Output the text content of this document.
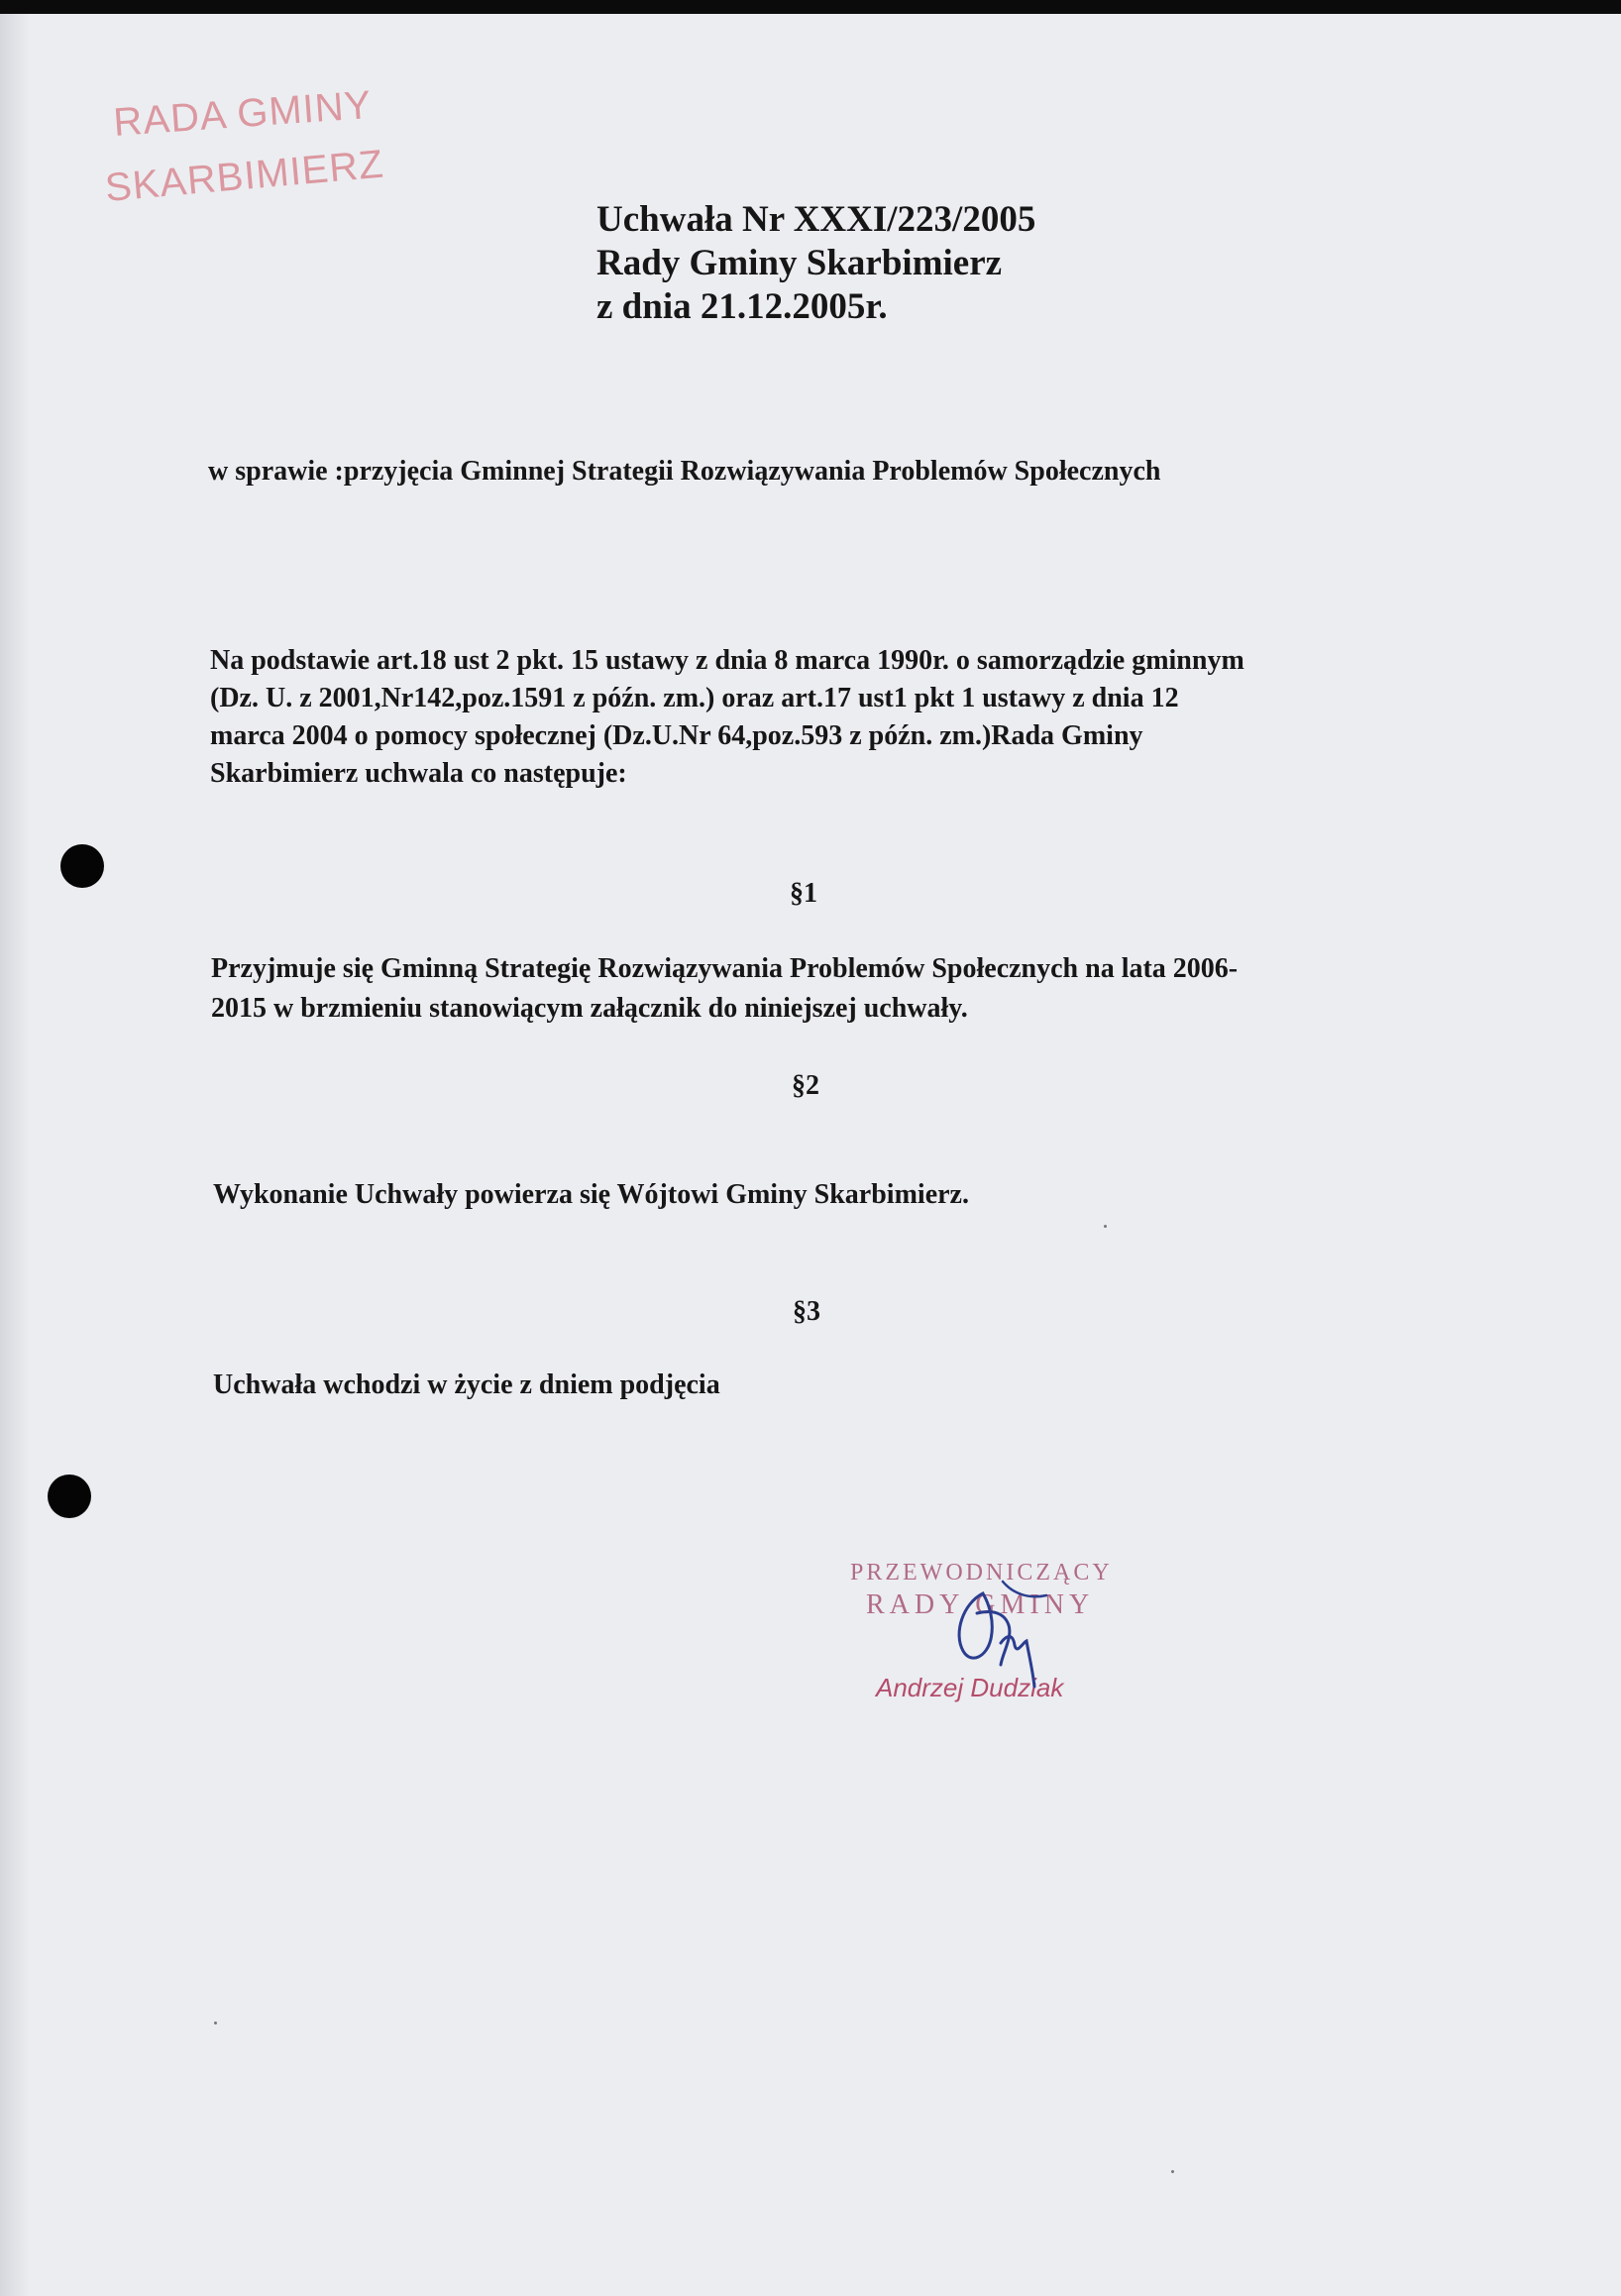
RADA GMINY
SKARBIMIERZ
Uchwała Nr XXXI/223/2005
Rady Gminy Skarbimierz
z dnia 21.12.2005r.
w sprawie :przyjęcia Gminnej Strategii Rozwiązywania Problemów Społecznych
Na podstawie art.18 ust 2 pkt. 15 ustawy z dnia 8 marca 1990r. o samorządzie gminnym
(Dz. U. z 2001,Nr142,poz.1591 z późn. zm.) oraz art.17 ust1 pkt 1 ustawy z dnia 12
marca 2004 o pomocy społecznej (Dz.U.Nr 64,poz.593 z późn. zm.)Rada Gminy
Skarbimierz uchwala co następuje:
§1
Przyjmuje się Gminną Strategię Rozwiązywania Problemów Społecznych na lata 2006-
2015 w brzmieniu stanowiącym załącznik do niniejszej uchwały.
§2
Wykonanie Uchwały powierza się Wójtowi Gminy Skarbimierz.
§3
Uchwała wchodzi w życie z dniem podjęcia
PRZEWODNICZĄCY
RADY GMINY
Andrzej Dudziak
